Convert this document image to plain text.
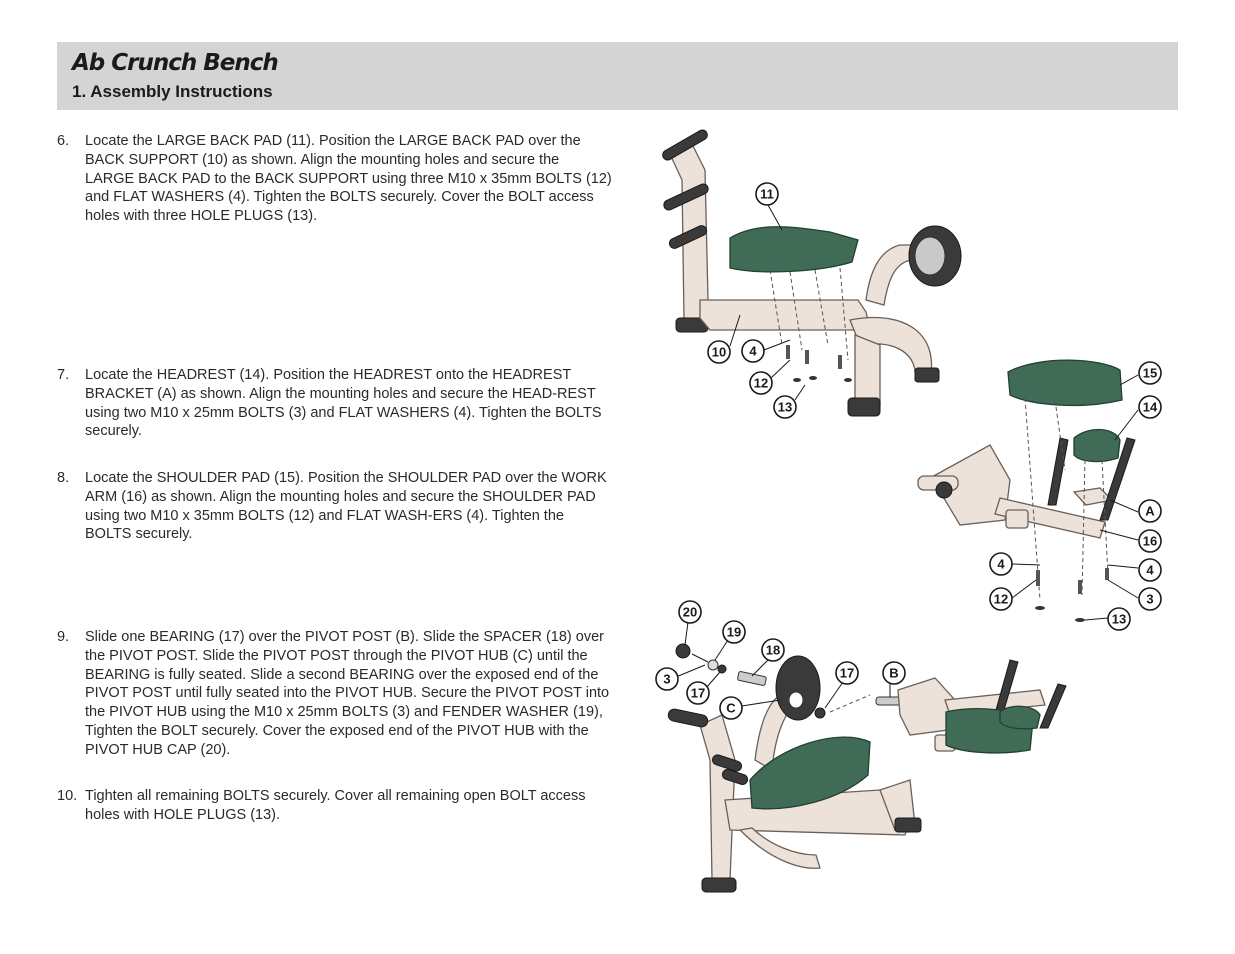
Ab Crunch Bench
1. Assembly Instructions
6.	Locate the LARGE BACK PAD (11). Position the LARGE BACK PAD over the BACK SUPPORT (10) as shown. Align the mounting holes and secure the LARGE BACK PAD to the BACK SUPPORT using three M10 x 35mm BOLTS (12) and FLAT WASHERS (4). Tighten the BOLTS securely. Cover the BOLT access holes with three HOLE PLUGS (13).
7.	Locate the HEADREST (14). Position the HEADREST onto the HEADREST BRACKET (A) as shown. Align the mounting holes and secure the HEAD-REST using two M10 x 25mm BOLTS (3) and FLAT WASHERS (4). Tighten the BOLTS securely.
8.	Locate the SHOULDER PAD (15). Position the SHOULDER PAD over the WORK ARM (16) as shown. Align the mounting holes and secure the SHOULDER PAD using two M10 x 35mm BOLTS (12) and FLAT WASH-ERS (4). Tighten the BOLTS securely.
9.	Slide one BEARING (17) over the PIVOT POST (B). Slide the SPACER (18) over the PIVOT POST. Slide the PIVOT POST through the PIVOT HUB (C) until the BEARING is fully seated. Slide a second BEARING over the exposed end of the PIVOT POST until fully seated into the PIVOT HUB. Secure the PIVOT POST into the PIVOT HUB using the M10 x 25mm BOLTS (3) and FENDER WASHER (19), Tighten the BOLT securely. Cover the exposed end of the PIVOT HUB with the PIVOT HUB CAP (20).
10. Tighten all remaining BOLTS securely. Cover all remaining open BOLT access holes with HOLE PLUGS (13).
11
10 4
12
13
15
14
A
16
4
3
4
12
13
20
19
18
3
17
C
17	B
